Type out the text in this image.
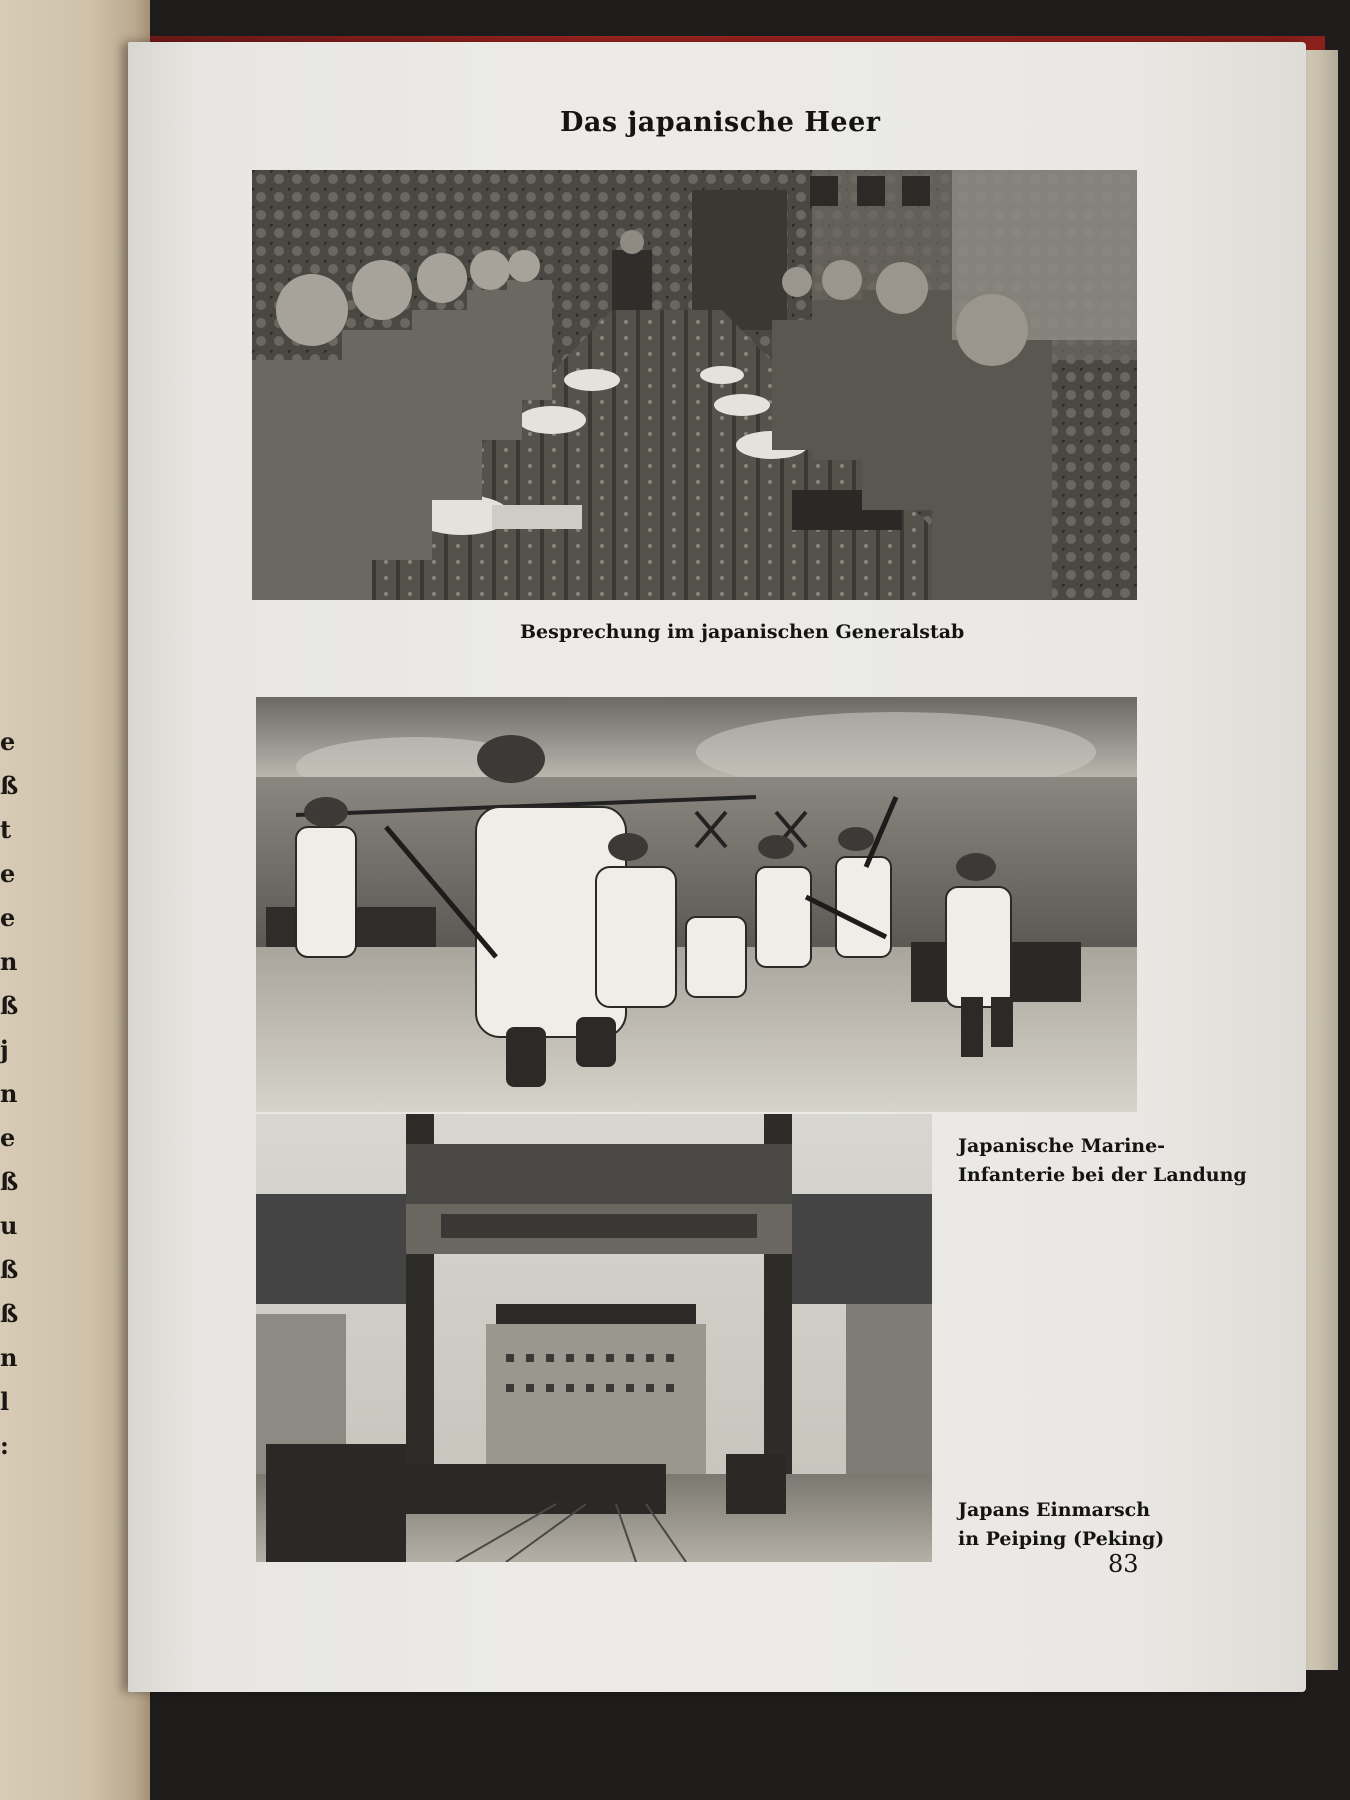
e
ß
t
e
e
n
ß
j
n
e
ß
u
ß
ß
n
l
:
Das japanische Heer
Besprechung im japanischen Generalstab
Japanische Marine-
Infanterie bei der Landung
Japans Einmarsch
in Peiping (Peking)
83
